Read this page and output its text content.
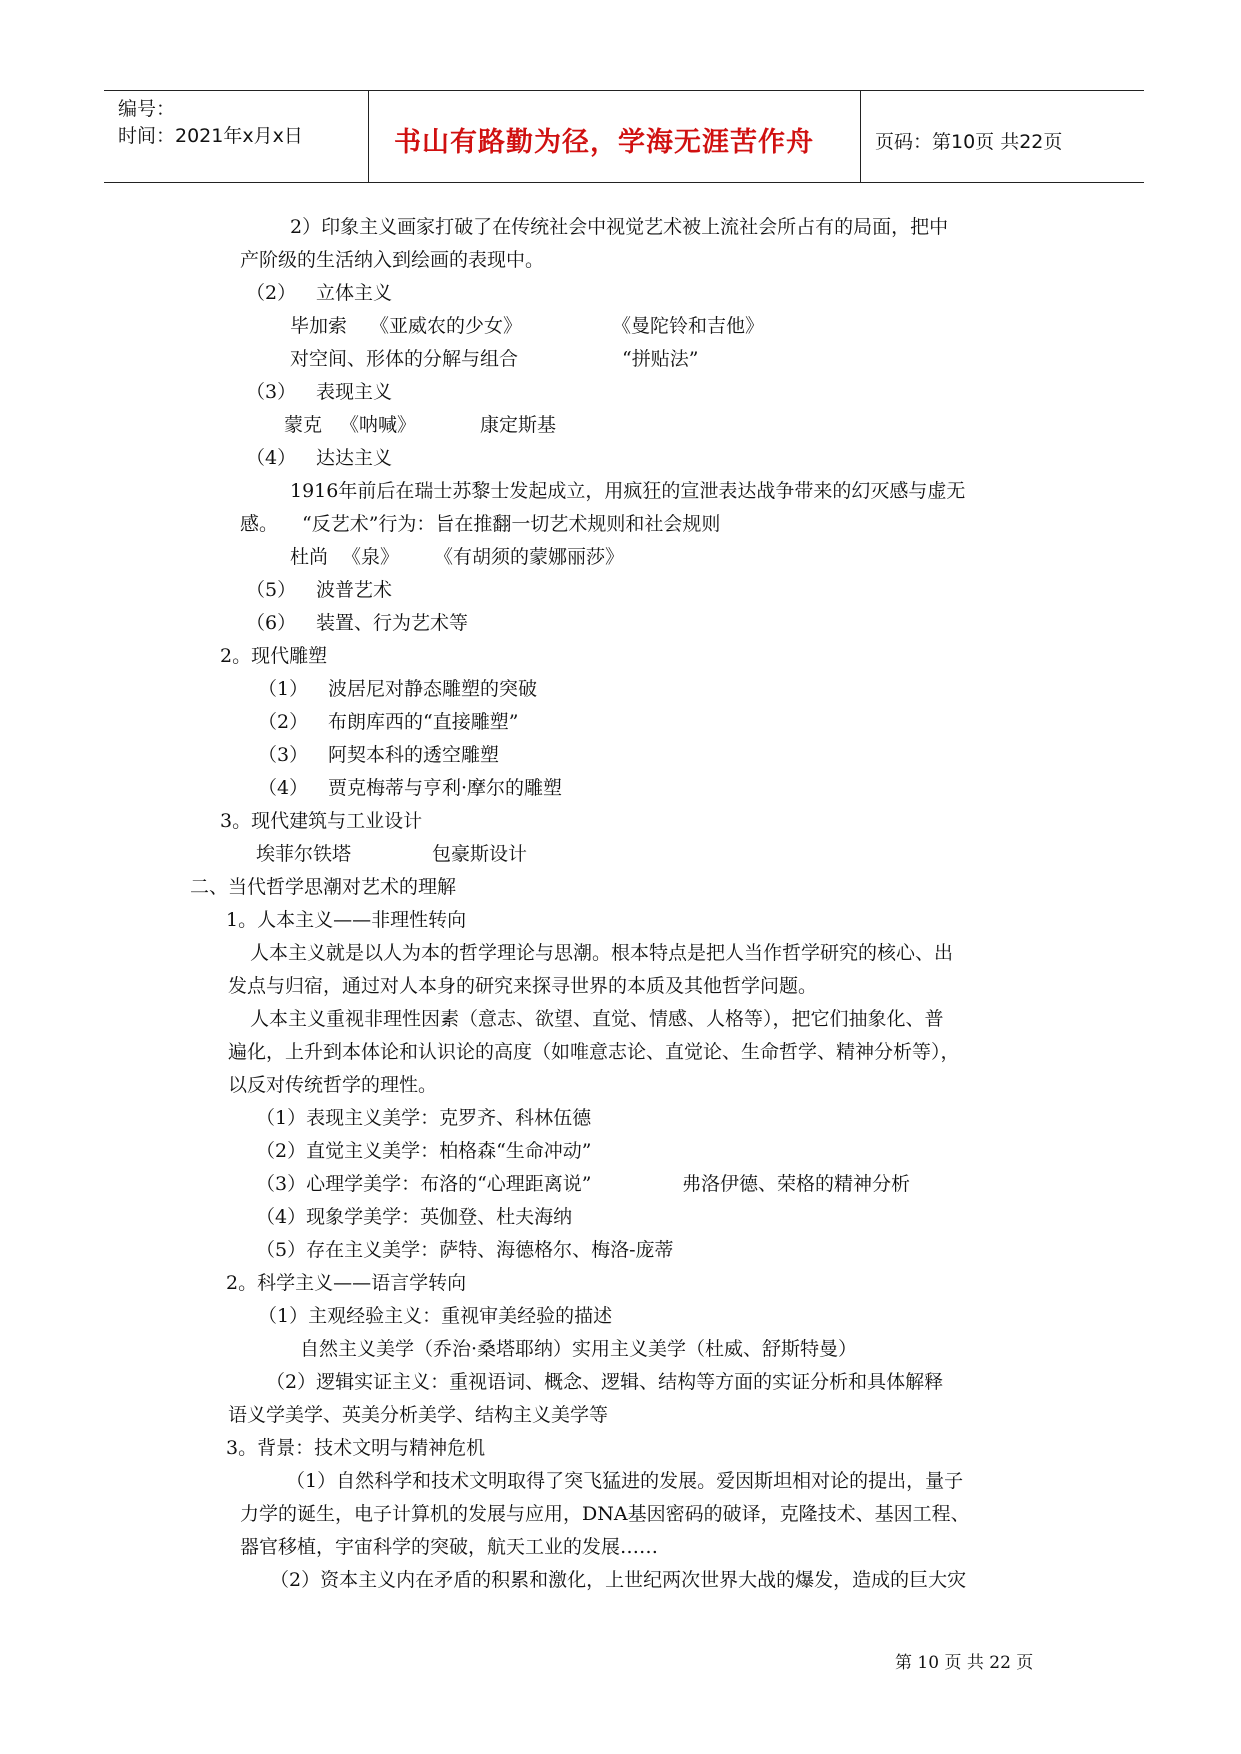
编号：
时间：2021年x月x日	书山有路勤为径，学海无涯苦作舟	页码：第10页 共22页
2）印象主义画家打破了在传统社会中视觉艺术被上流社会所占有的局面，把中
产阶级的生活纳入到绘画的表现中。
（2） 立体主义
毕加索 《亚威农的少女》	《曼陀铃和吉他》
对空间、形体的分解与组合	“拼贴法”
（3） 表现主义
蒙克 《呐喊》	康定斯基
（4） 达达主义
1916年前后在瑞士苏黎士发起成立，用疯狂的宣泄表达战争带来的幻灭感与虚无
感。 “反艺术”行为：旨在推翻一切艺术规则和社会规则
杜尚 《泉》 《有胡须的蒙娜丽莎》
（5） 波普艺术
（6） 装置、行为艺术等
2。现代雕塑
（1） 波居尼对静态雕塑的突破
（2） 布朗库西的“直接雕塑”
（3） 阿契本科的透空雕塑
（4） 贾克梅蒂与亨利·摩尔的雕塑
3。现代建筑与工业设计
埃菲尔铁塔	包豪斯设计
二、当代哲学思潮对艺术的理解
1。人本主义——非理性转向
人本主义就是以人为本的哲学理论与思潮。根本特点是把人当作哲学研究的核心、出
发点与归宿，通过对人本身的研究来探寻世界的本质及其他哲学问题。
人本主义重视非理性因素（意志、欲望、直觉、情感、人格等），把它们抽象化、普
遍化，上升到本体论和认识论的高度（如唯意志论、直觉论、生命哲学、精神分析等），
以反对传统哲学的理性。
（1）表现主义美学：克罗齐、科林伍德
（2）直觉主义美学：柏格森“生命冲动”
（3）心理学美学：布洛的“心理距离说”	弗洛伊德、荣格的精神分析
（4）现象学美学：英伽登、杜夫海纳
（5）存在主义美学：萨特、海德格尔、梅洛-庞蒂
2。科学主义——语言学转向
（1）主观经验主义：重视审美经验的描述
自然主义美学（乔治·桑塔耶纳）实用主义美学（杜威、舒斯特曼）
（2）逻辑实证主义：重视语词、概念、逻辑、结构等方面的实证分析和具体解释
语义学美学、英美分析美学、结构主义美学等
3。背景：技术文明与精神危机
（1）自然科学和技术文明取得了突飞猛进的发展。爱因斯坦相对论的提出，量子
力学的诞生，电子计算机的发展与应用，DNA基因密码的破译，克隆技术、基因工程、
器官移植，宇宙科学的突破，航天工业的发展……
（2）资本主义内在矛盾的积累和激化，上世纪两次世界大战的爆发，造成的巨大灾
第 10 页 共 22 页
